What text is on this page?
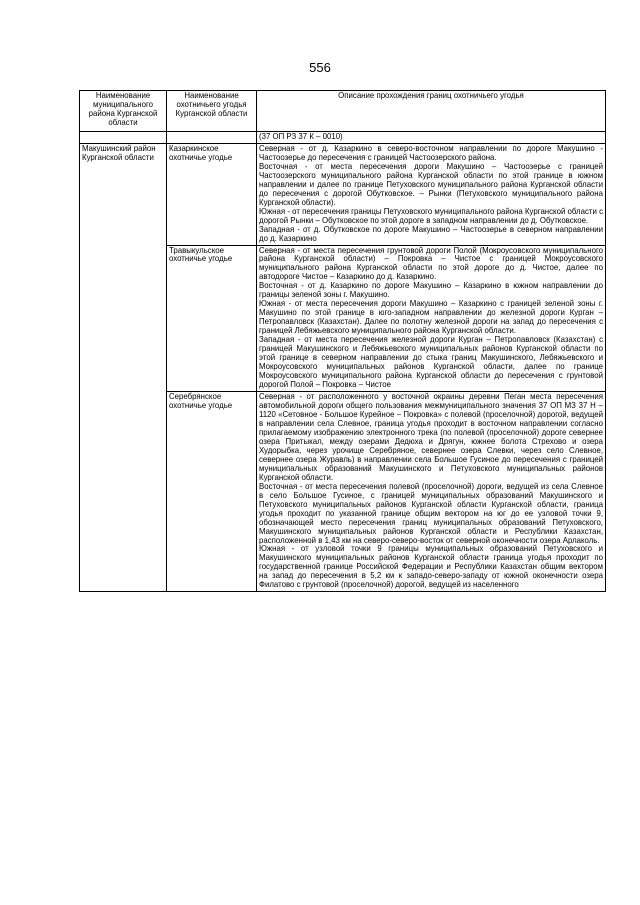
556
Наименование муниципального района Курганской области	Наименование охотничьего угодья Курганской области	Описание прохождения границ охотничьего угодья
		(37 ОП РЗ 37 К – 0010)
Макушинский район Курганской области	Казаркинское охотничье угодье	Северная - от д. Казаркино в северо-восточном направлении по дороге Макушино - Частоозерье до пересечения с границей Частоозерского района.

Восточная - от места пересечения дороги Макушино – Частоозерье с границей Частоозерского муниципального района Курганской области по этой границе в южном направлении и далее по границе Петуховского муниципального района Курганской области до пересечения с дорогой Обутковское. – Рынки (Петуховского муниципального района Курганской области).

Южная - от пересечения границы Петуховского муниципального района Курганской области с дорогой Рынки – Обутковское по этой дороге в западном направлении до д. Обутковское.

Западная - от д. Обутковское по дороге Макушино – Частоозерье в северном направлении до д. Казаркино

	Травыкульское охотничье угодье	Северная - от места пересечения грунтовой дороги Полой (Мокроусовского муниципального района Курганской области) – Покровка – Чистое с границей Мокроусовского муниципального района Курганской области по этой дороге до д. Чистое, далее по автодороге Чистое – Казаркино до д. Казаркино.

Восточная - от д. Казаркино по дороге Макушино – Казаркино в южном направлении до границы зеленой зоны г. Макушино.

Южная - от места пересечения дороги Макушино – Казаркино с границей зеленой зоны г. Макушино по этой границе в юго-западном направлении до железной дороги Курган – Петропавловск (Казахстан). Далее по полотну железной дороги на запад до пересечения с границей Лебяжьевского муниципального района Курганской области.

Западная - от места пересечения железной дороги Курган – Петропавловск (Казахстан) с границей Макушинского и Лебяжьевского муниципальных районов Курганской области по этой границе в северном направлении до стыка границ Макушинского, Лебяжьевского и Мокроусовского муниципальных районов Курганской области, далее по границе Мокроусовского муниципального района Курганской области до пересечения с грунтовой дорогой Полой – Покровка – Чистое

	Серебрянское охотничье угодье	Северная - от расположенного у восточной окраины деревни Пеган места пересечения автомобильной дороги общего пользования межмуниципального значения 37 ОП МЗ 37 Н – 1120 «Сетовное - Большое Курейное – Покровка» с полевой (проселочной) дорогой, ведущей в направлении села Слевное, граница угодья проходит в восточном направлении согласно прилагаемому изображению электронного трека (по полевой (проселочной) дороге севернее озера Притыкал, между озерами Дедюха и Дрягун, южнее болота Стрехово и озера Худорыбка, через урочище Серебряное, севернее озера Слевки, через село Слевное, севернее озера Журавль) в направлении села Большое Гусиное до пересечения с границей муниципальных образований Макушинского и Петуховского муниципальных районов Курганской области.

Восточная - от места пересечения полевой (проселочной) дороги, ведущей из села Слевное в село Большое Гусиное, с границей муниципальных образований Макушинского и Петуховского муниципальных районов Курганской области Курганской области, граница угодья проходит по указанной границе общим вектором на юг до ее узловой точки 9, обозначающей место пересечения границ муниципальных образований Петуховского, Макушинского муниципальных районов Курганской области и Республики Казахстан, расположенной в 1,43 км на северо-северо-восток от северной оконечности озера Арлаколь.

Южная - от узловой точки 9 границы муниципальных образований Петуховского и Макушинского муниципальных районов Курганской области граница угодья проходит по государственной границе Российской Федерации и Республики Казахстан общим вектором на запад до пересечения в 5,2 км к западо-северо-западу от южной оконечности озера Филатово с грунтовой (проселочной) дорогой, ведущей из населенного
